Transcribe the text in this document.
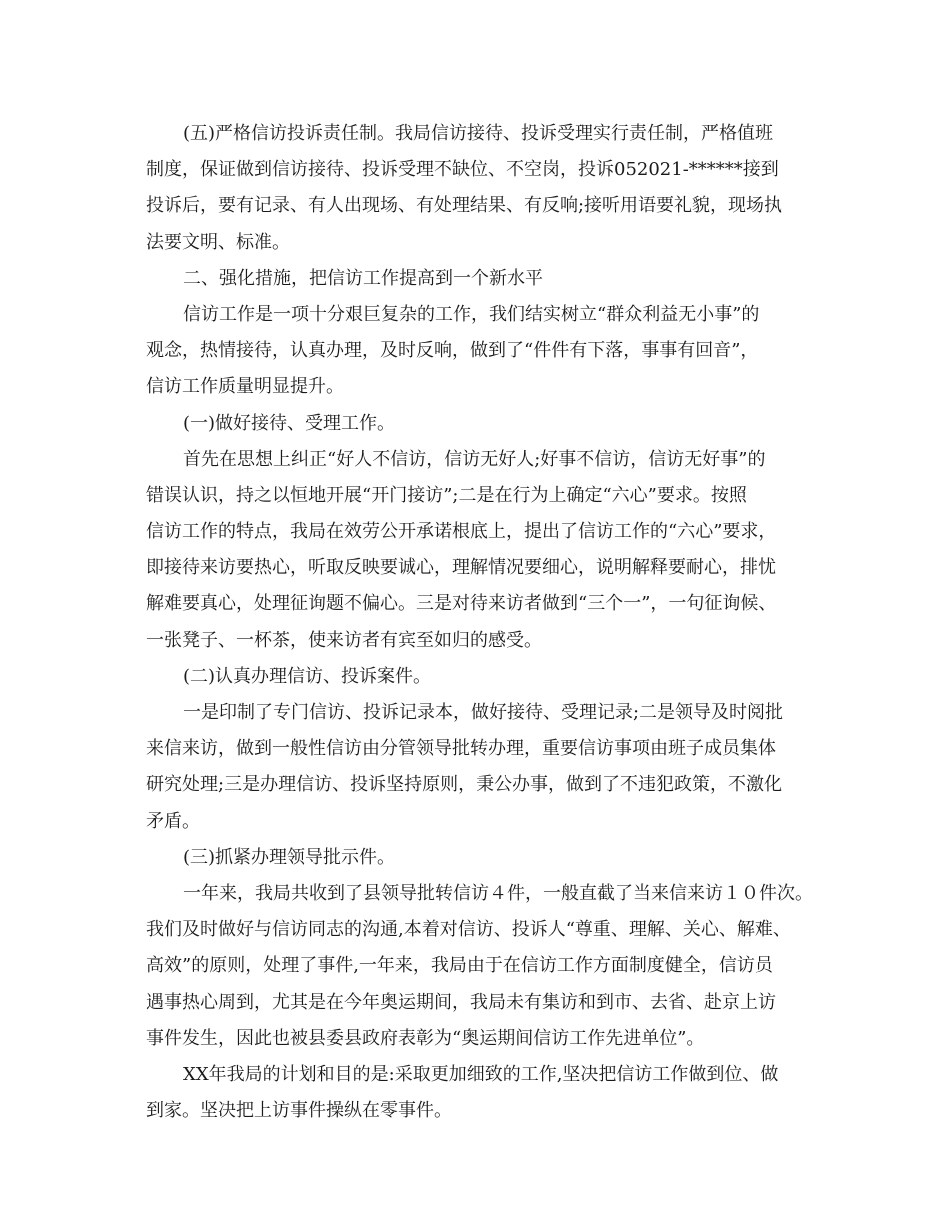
(五)严格信访投诉责任制。我局信访接待、投诉受理实行责任制，严格值班
制度，保证做到信访接待、投诉受理不缺位、不空岗，投诉052021-******接到
投诉后，要有记录、有人出现场、有处理结果、有反响;接听用语要礼貌，现场执
法要文明、标准。
二、强化措施，把信访工作提高到一个新水平
信访工作是一项十分艰巨复杂的工作，我们结实树立“群众利益无小事”的
观念，热情接待，认真办理，及时反响，做到了“件件有下落，事事有回音”，
信访工作质量明显提升。
(一)做好接待、受理工作。
首先在思想上纠正“好人不信访，信访无好人;好事不信访，信访无好事”的
错误认识，持之以恒地开展“开门接访”;二是在行为上确定“六心”要求。按照
信访工作的特点，我局在效劳公开承诺根底上，提出了信访工作的“六心”要求，
即接待来访要热心，听取反映要诚心，理解情况要细心，说明解释要耐心，排忧
解难要真心，处理征询题不偏心。三是对待来访者做到“三个一”，一句征询候、
一张凳子、一杯茶，使来访者有宾至如归的感受。
(二)认真办理信访、投诉案件。
一是印制了专门信访、投诉记录本，做好接待、受理记录;二是领导及时阅批
来信来访，做到一般性信访由分管领导批转办理，重要信访事项由班子成员集体
研究处理;三是办理信访、投诉坚持原则，秉公办事，做到了不违犯政策，不激化
矛盾。
(三)抓紧办理领导批示件。
一年来，我局共收到了县领导批转信访４件，一般直截了当来信来访１０件次。
我们及时做好与信访同志的沟通,本着对信访、投诉人“尊重、理解、关心、解难、
高效”的原则，处理了事件,一年来，我局由于在信访工作方面制度健全，信访员
遇事热心周到，尤其是在今年奥运期间，我局未有集访和到市、去省、赴京上访
事件发生，因此也被县委县政府表彰为“奥运期间信访工作先进单位”。
XX年我局的计划和目的是:采取更加细致的工作,坚决把信访工作做到位、做
到家。坚决把上访事件操纵在零事件。
